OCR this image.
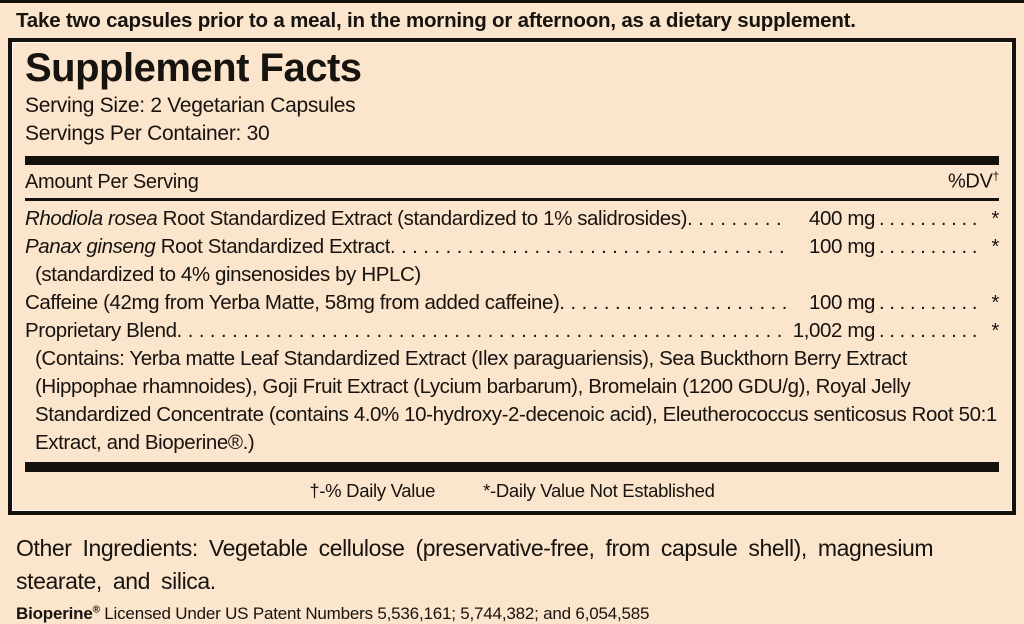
Take two capsules prior to a meal, in the morning or afternoon, as a dietary supplement.
Supplement Facts
Serving Size: 2 Vegetarian Capsules
Servings Per Container: 30
Amount Per Serving	%DV†
Rhodiola rosea Root Standardized Extract (standardized to 1% salidrosides) . . .	400 mg . . .	*
Panax ginseng Root Standardized Extract . . .	100 mg . . .	*
(standardized to 4% ginsenosides by HPLC)
Caffeine (42mg from Yerba Matte, 58mg from added caffeine) . . .	100 mg . . .	*
Proprietary Blend . . .	1,002 mg . . .	*
(Contains: Yerba matte Leaf Standardized Extract (Ilex paraguariensis), Sea Buckthorn Berry Extract (Hippophae rhamnoides), Goji Fruit Extract (Lycium barbarum), Bromelain (1200 GDU/g), Royal Jelly Standardized Concentrate (contains 4.0% 10-hydroxy-2-decenoic acid), Eleutherococcus senticosus Root 50:1 Extract, and Bioperine®.)
†-% Daily Value	*-Daily Value Not Established
Other Ingredients: Vegetable cellulose (preservative-free, from capsule shell), magnesium stearate, and silica.
Bioperine® Licensed Under US Patent Numbers 5,536,161; 5,744,382; and 6,054,585
